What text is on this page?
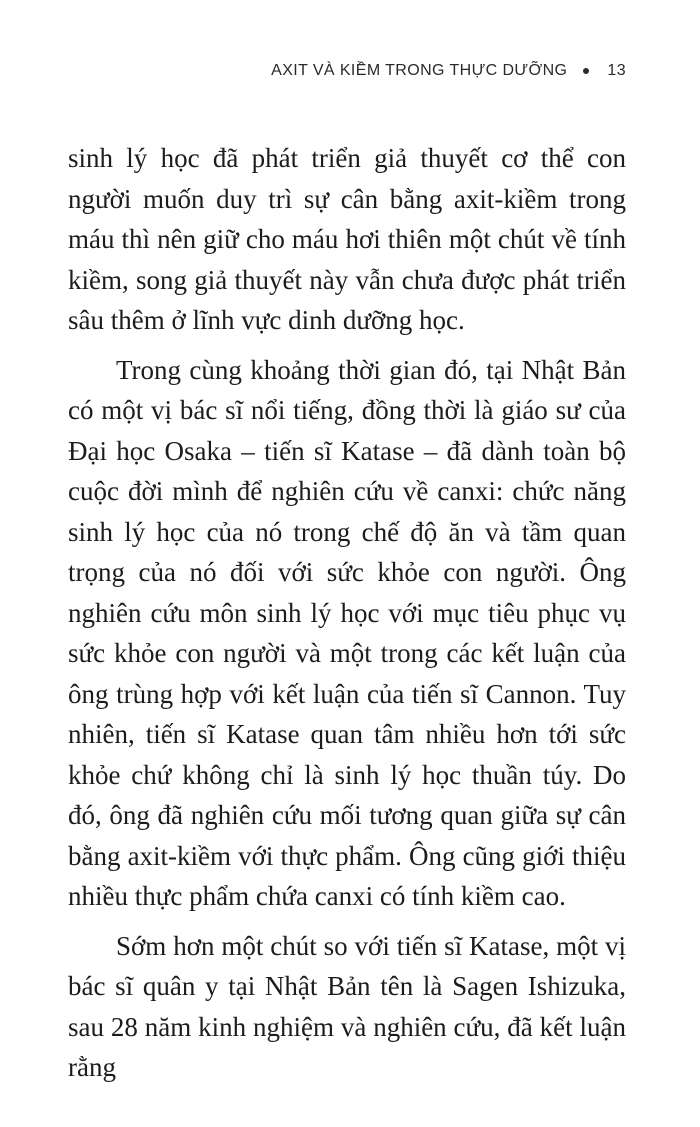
AXIT VÀ KIỀM TRONG THỰC DƯỠNG	13

sinh lý học đã phát triển giả thuyết cơ thể con người muốn duy trì sự cân bằng axit-kiềm trong máu thì nên giữ cho máu hơi thiên một chút về tính kiềm, song giả thuyết này vẫn chưa được phát triển sâu thêm ở lĩnh vực dinh dưỡng học.

Trong cùng khoảng thời gian đó, tại Nhật Bản có một vị bác sĩ nổi tiếng, đồng thời là giáo sư của Đại học Osaka – tiến sĩ Katase – đã dành toàn bộ cuộc đời mình để nghiên cứu về canxi: chức năng sinh lý học của nó trong chế độ ăn và tầm quan trọng của nó đối với sức khỏe con người. Ông nghiên cứu môn sinh lý học với mục tiêu phục vụ sức khỏe con người và một trong các kết luận của ông trùng hợp với kết luận của tiến sĩ Cannon. Tuy nhiên, tiến sĩ Katase quan tâm nhiều hơn tới sức khỏe chứ không chỉ là sinh lý học thuần túy. Do đó, ông đã nghiên cứu mối tương quan giữa sự cân bằng axit-kiềm với thực phẩm. Ông cũng giới thiệu nhiều thực phẩm chứa canxi có tính kiềm cao.

Sớm hơn một chút so với tiến sĩ Katase, một vị bác sĩ quân y tại Nhật Bản tên là Sagen Ishizuka, sau 28 năm kinh nghiệm và nghiên cứu, đã kết luận rằng
